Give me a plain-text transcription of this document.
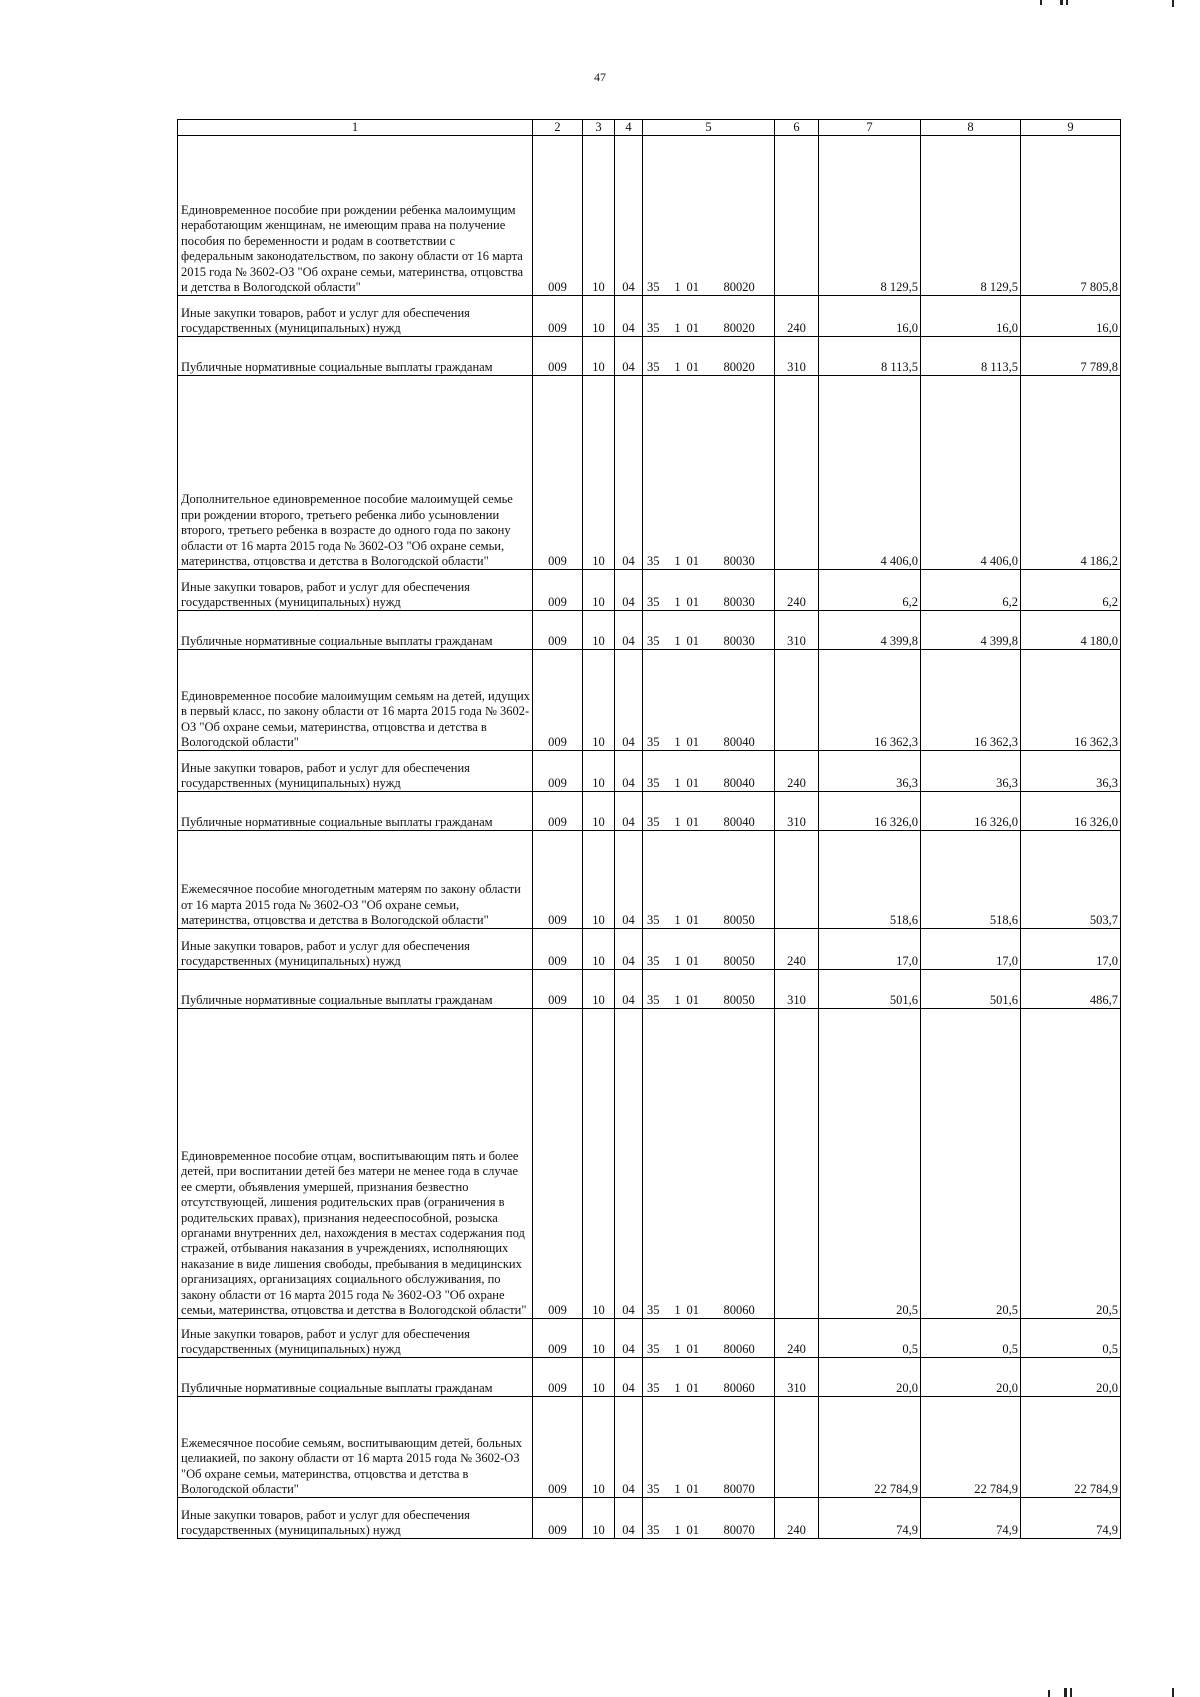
47
1	2	3	4	5				6	7	8	9
Единовременное пособие при рождении ребенка малоимущим неработающим женщинам, не имеющим права на получение пособия по беременности и родам в соответствии с федеральным законодательством, по закону области от 16 марта 2015 года № 3602-ОЗ "Об охране семьи, материнства, отцовства и детства в Вологодской области"	009	10	04	35	1	01	80020		8 129,5	8 129,5	7 805,8
Иные закупки товаров, работ и услуг для обеспечения государственных (муниципальных) нужд	009	10	04	35	1	01	80020	240	16,0	16,0	16,0
Публичные нормативные социальные выплаты гражданам	009	10	04	35	1	01	80020	310	8 113,5	8 113,5	7 789,8
Дополнительное единовременное пособие малоимущей семье при рождении второго, третьего ребенка либо усыновлении второго, третьего ребенка в возрасте до одного года по закону области от 16 марта 2015 года № 3602-ОЗ "Об охране семьи, материнства, отцовства и детства в Вологодской области"	009	10	04	35	1	01	80030		4 406,0	4 406,0	4 186,2
Иные закупки товаров, работ и услуг для обеспечения государственных (муниципальных) нужд	009	10	04	35	1	01	80030	240	6,2	6,2	6,2
Публичные нормативные социальные выплаты гражданам	009	10	04	35	1	01	80030	310	4 399,8	4 399,8	4 180,0
Единовременное пособие малоимущим семьям на детей, идущих в первый класс, по закону области от 16 марта 2015 года № 3602-ОЗ "Об охране семьи, материнства, отцовства и детства в Вологодской области"	009	10	04	35	1	01	80040		16 362,3	16 362,3	16 362,3
Иные закупки товаров, работ и услуг для обеспечения государственных (муниципальных) нужд	009	10	04	35	1	01	80040	240	36,3	36,3	36,3
Публичные нормативные социальные выплаты гражданам	009	10	04	35	1	01	80040	310	16 326,0	16 326,0	16 326,0
Ежемесячное пособие многодетным матерям по закону области от 16 марта 2015 года № 3602-ОЗ "Об охране семьи, материнства, отцовства и детства в Вологодской области"	009	10	04	35	1	01	80050		518,6	518,6	503,7
Иные закупки товаров, работ и услуг для обеспечения государственных (муниципальных) нужд	009	10	04	35	1	01	80050	240	17,0	17,0	17,0
Публичные нормативные социальные выплаты гражданам	009	10	04	35	1	01	80050	310	501,6	501,6	486,7
Единовременное пособие отцам, воспитывающим пять и более детей, при воспитании детей без матери не менее года в случае ее смерти, объявления умершей, признания безвестно отсутствующей, лишения родительских прав (ограничения в родительских правах), признания недееспособной, розыска органами внутренних дел, нахождения в местах содержания под стражей, отбывания наказания в учреждениях, исполняющих наказание в виде лишения свободы, пребывания в медицинских организациях, организациях социального обслуживания, по закону области от 16 марта 2015 года № 3602-ОЗ "Об охране семьи, материнства, отцовства и детства в Вологодской области"	009	10	04	35	1	01	80060		20,5	20,5	20,5
Иные закупки товаров, работ и услуг для обеспечения государственных (муниципальных) нужд	009	10	04	35	1	01	80060	240	0,5	0,5	0,5
Публичные нормативные социальные выплаты гражданам	009	10	04	35	1	01	80060	310	20,0	20,0	20,0
Ежемесячное пособие семьям, воспитывающим детей, больных целиакией, по закону области от 16 марта 2015 года № 3602-ОЗ "Об охране семьи, материнства, отцовства и детства в Вологодской области"	009	10	04	35	1	01	80070		22 784,9	22 784,9	22 784,9
Иные закупки товаров, работ и услуг для обеспечения государственных (муниципальных) нужд	009	10	04	35	1	01	80070	240	74,9	74,9	74,9
